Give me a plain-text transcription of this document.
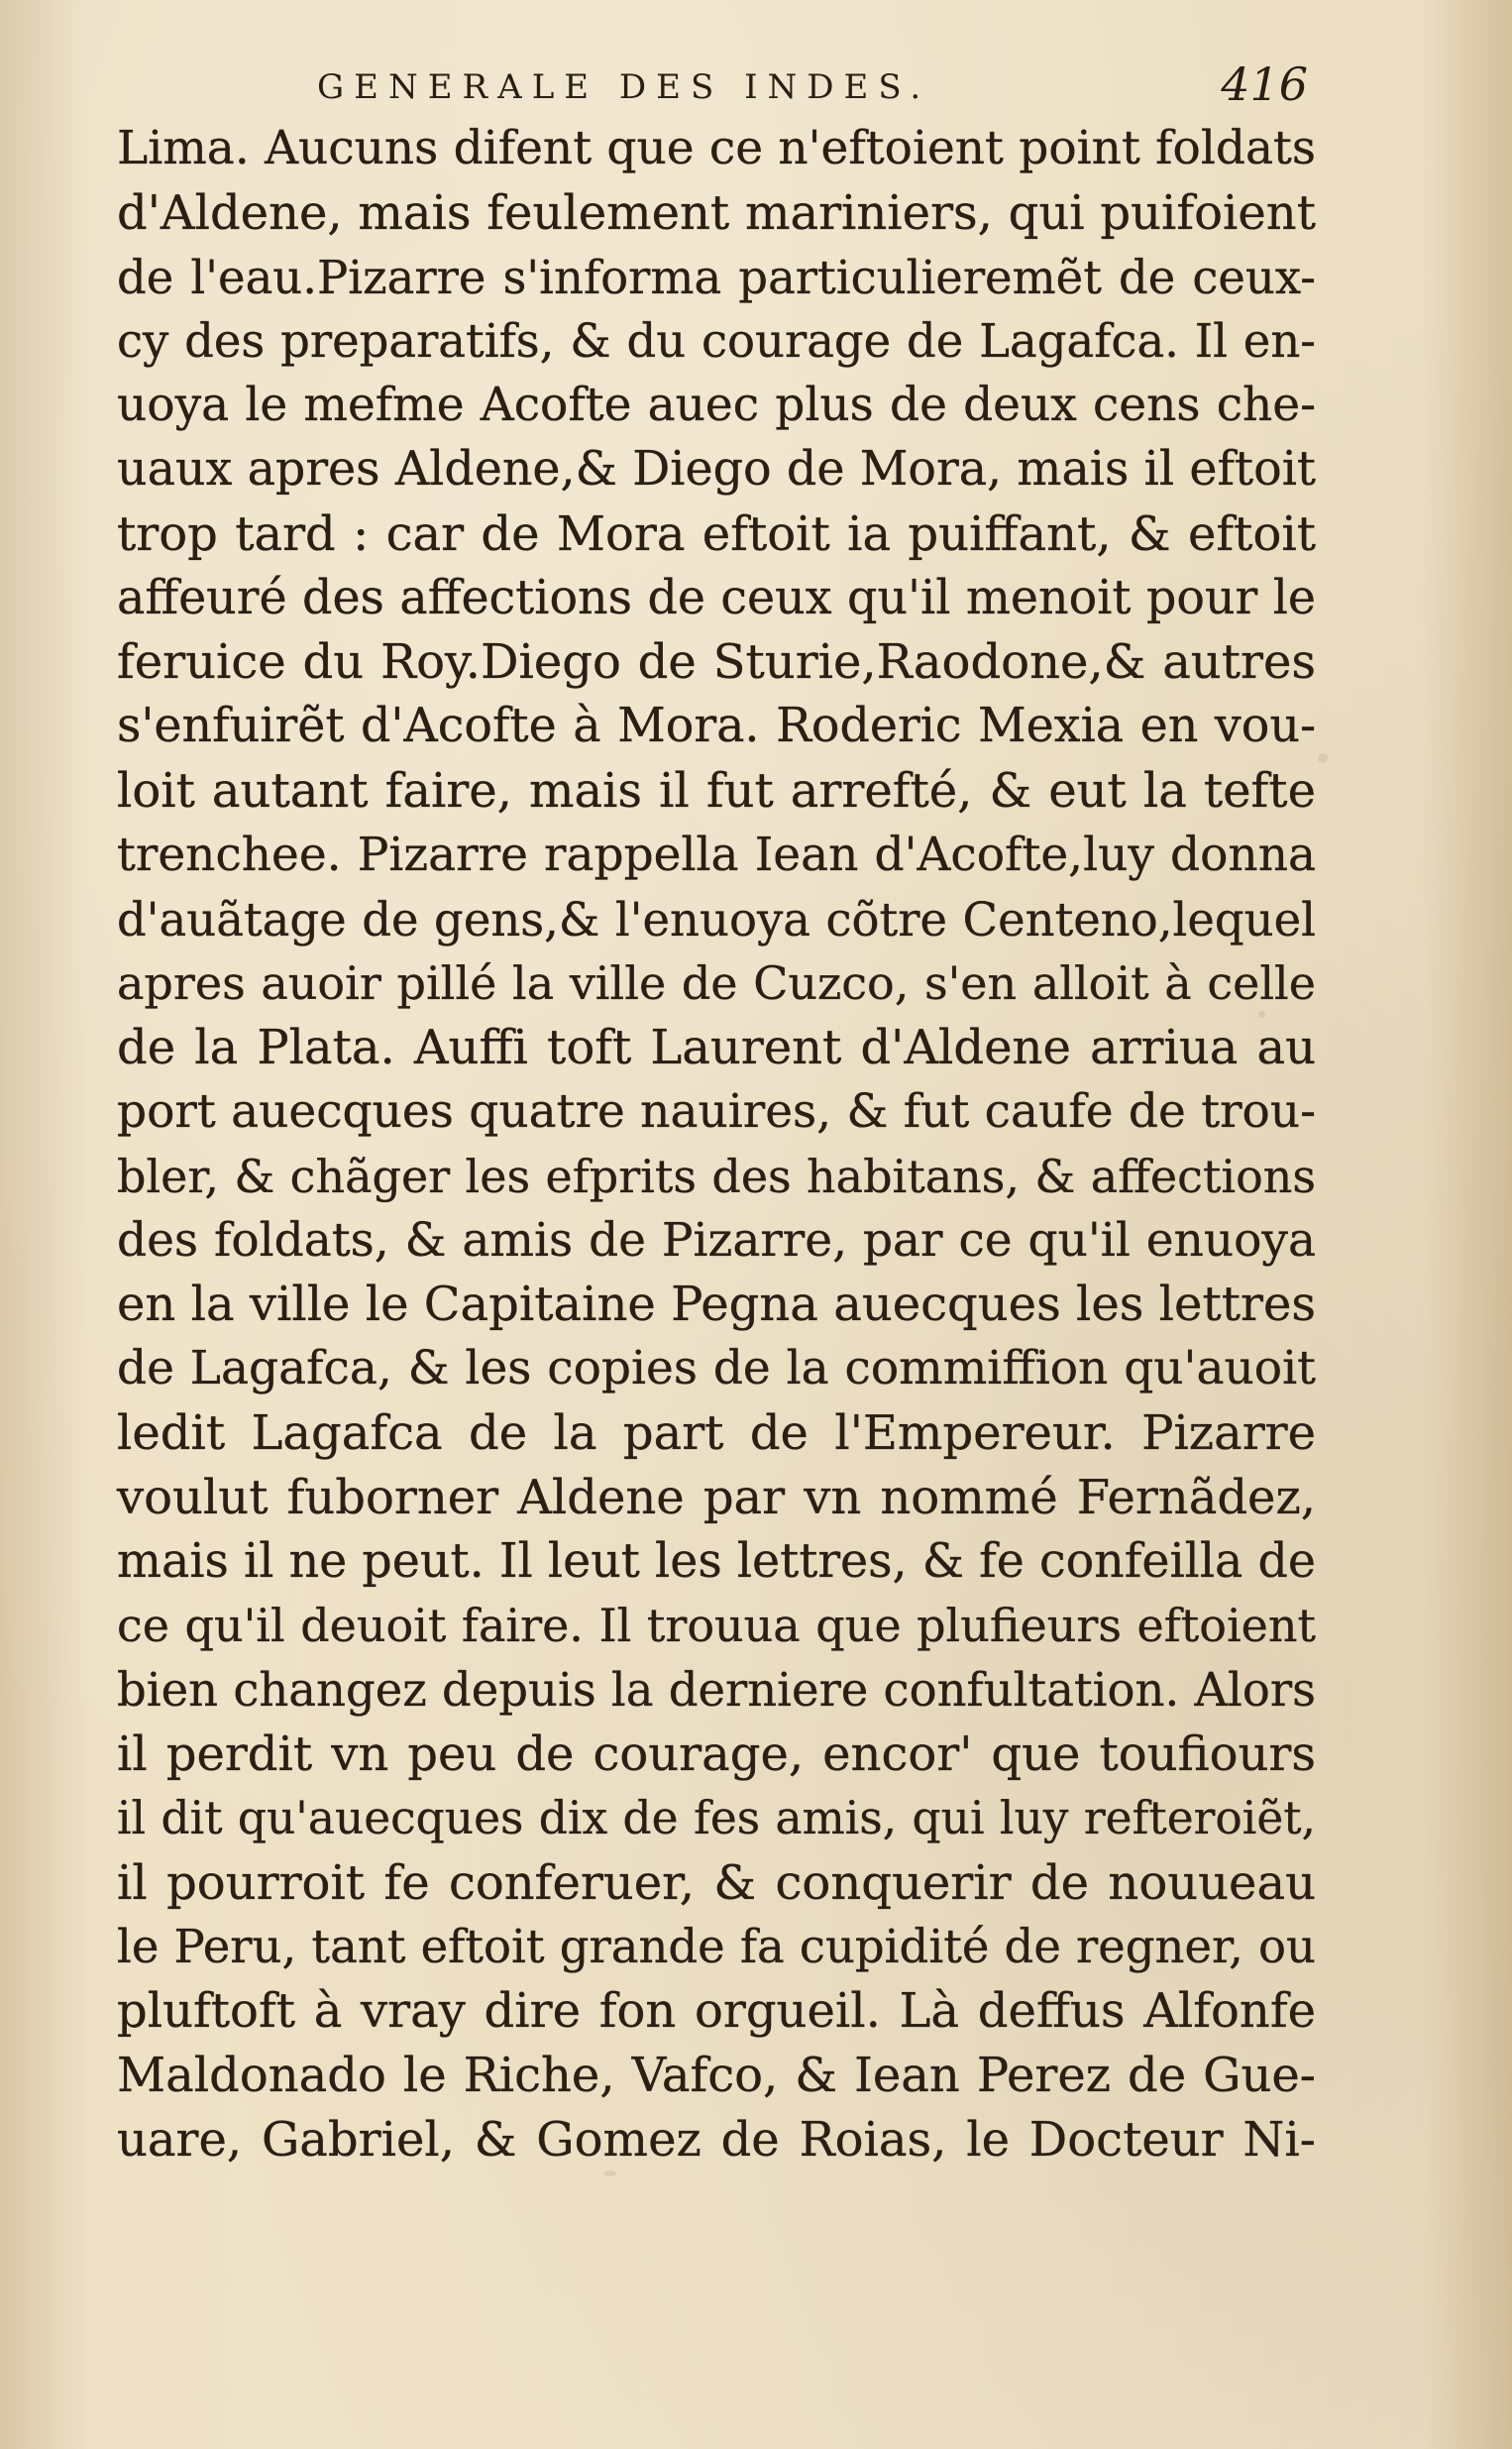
GENERALE DES INDES.	416
Lima. Aucuns difent que ce n'eftoient point foldats
d'Aldene, mais feulement mariniers, qui puifoient
de l'eau.Pizarre s'informa particulieremẽt de ceux-
cy des preparatifs, & du courage de Lagafca. Il en-
uoya le mefme Acofte auec plus de deux cens che-
uaux apres Aldene,& Diego de Mora, mais il eftoit
trop tard : car de Mora eftoit ia puiffant, & eftoit
affeuré des affections de ceux qu'il menoit pour le
feruice du Roy.Diego de Sturie,Raodone,& autres
s'enfuirẽt d'Acofte à Mora. Roderic Mexia en vou-
loit autant faire, mais il fut arrefté, & eut la tefte
trenchee. Pizarre rappella Iean d'Acofte,luy donna
d'auãtage de gens,& l'enuoya cõtre Centeno,lequel
apres auoir pillé la ville de Cuzco, s'en alloit à celle
de la Plata. Auffi toft Laurent d'Aldene arriua au
port auecques quatre nauires, & fut caufe de trou-
bler, & chãger les efprits des habitans, & affections
des foldats, & amis de Pizarre, par ce qu'il enuoya
en la ville le Capitaine Pegna auecques les lettres
de Lagafca, & les copies de la commiffion qu'auoit
ledit Lagafca de la part de l'Empereur. Pizarre
voulut fuborner Aldene par vn nommé Fernãdez,
mais il ne peut. Il leut les lettres, & fe confeilla de
ce qu'il deuoit faire. Il trouua que plufieurs eftoient
bien changez depuis la derniere confultation. Alors
il perdit vn peu de courage, encor' que toufiours
il dit qu'auecques dix de fes amis, qui luy refteroiẽt,
il pourroit fe conferuer, & conquerir de nouueau
le Peru, tant eftoit grande fa cupidité de regner, ou
pluftoft à vray dire fon orgueil. Là deffus Alfonfe
Maldonado le Riche, Vafco, & Iean Perez de Gue-
uare, Gabriel, & Gomez de Roias, le Docteur Ni-
